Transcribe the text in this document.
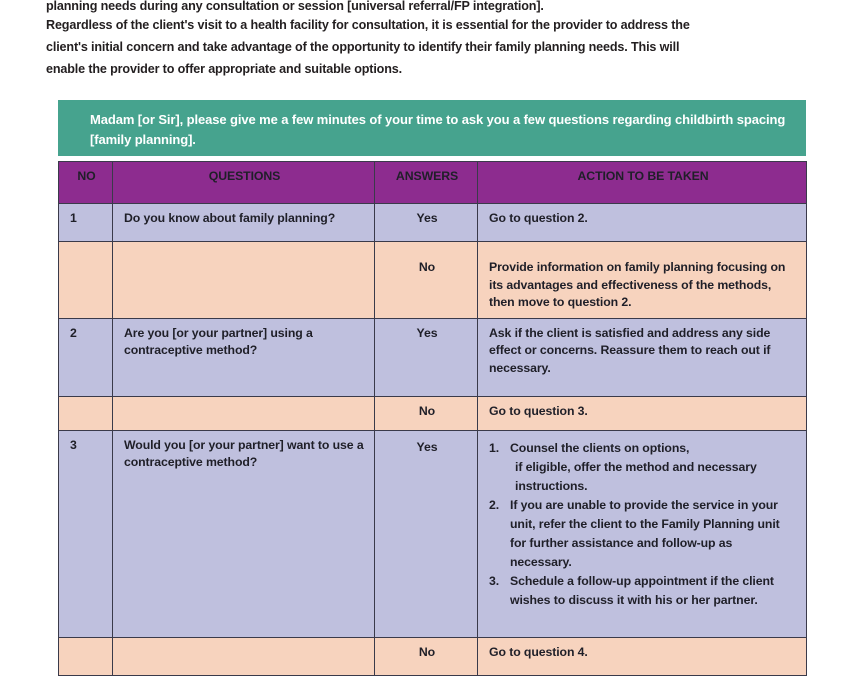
planning needs during any consultation or session [universal referral/FP integration].

Regardless of the client's visit to a health facility for consultation, it is essential for the provider to address the

client's initial concern and take advantage of the opportunity to identify their family planning needs. This will

enable the provider to offer appropriate and suitable options.

Madam [or Sir], please give me a few minutes of your time to ask you a few questions regarding childbirth spacing [family planning].
NO	QUESTIONS	ANSWERS	ACTION TO BE TAKEN
1	Do you know about family planning?	Yes	Go to question 2.
		No	Provide information on family planning focusing on its advantages and effectiveness of the methods, then move to question 2.
2	Are you [or your partner] using a contraceptive method?	Yes	Ask if the client is satisfied and address any side effect or concerns. Reassure them to reach out if necessary.
		No	Go to question 3.
3	Would you [or your partner] want to use a contraceptive method?	Yes	1. Counsel the clients on options,
if eligible, offer the method and necessary instructions.
2. If you are unable to provide the service in your unit, refer the client to the Family Planning unit for further assistance and follow-up as necessary.
3. Schedule a follow-up appointment if the client wishes to discuss it with his or her partner.

		No	Go to question 4.
